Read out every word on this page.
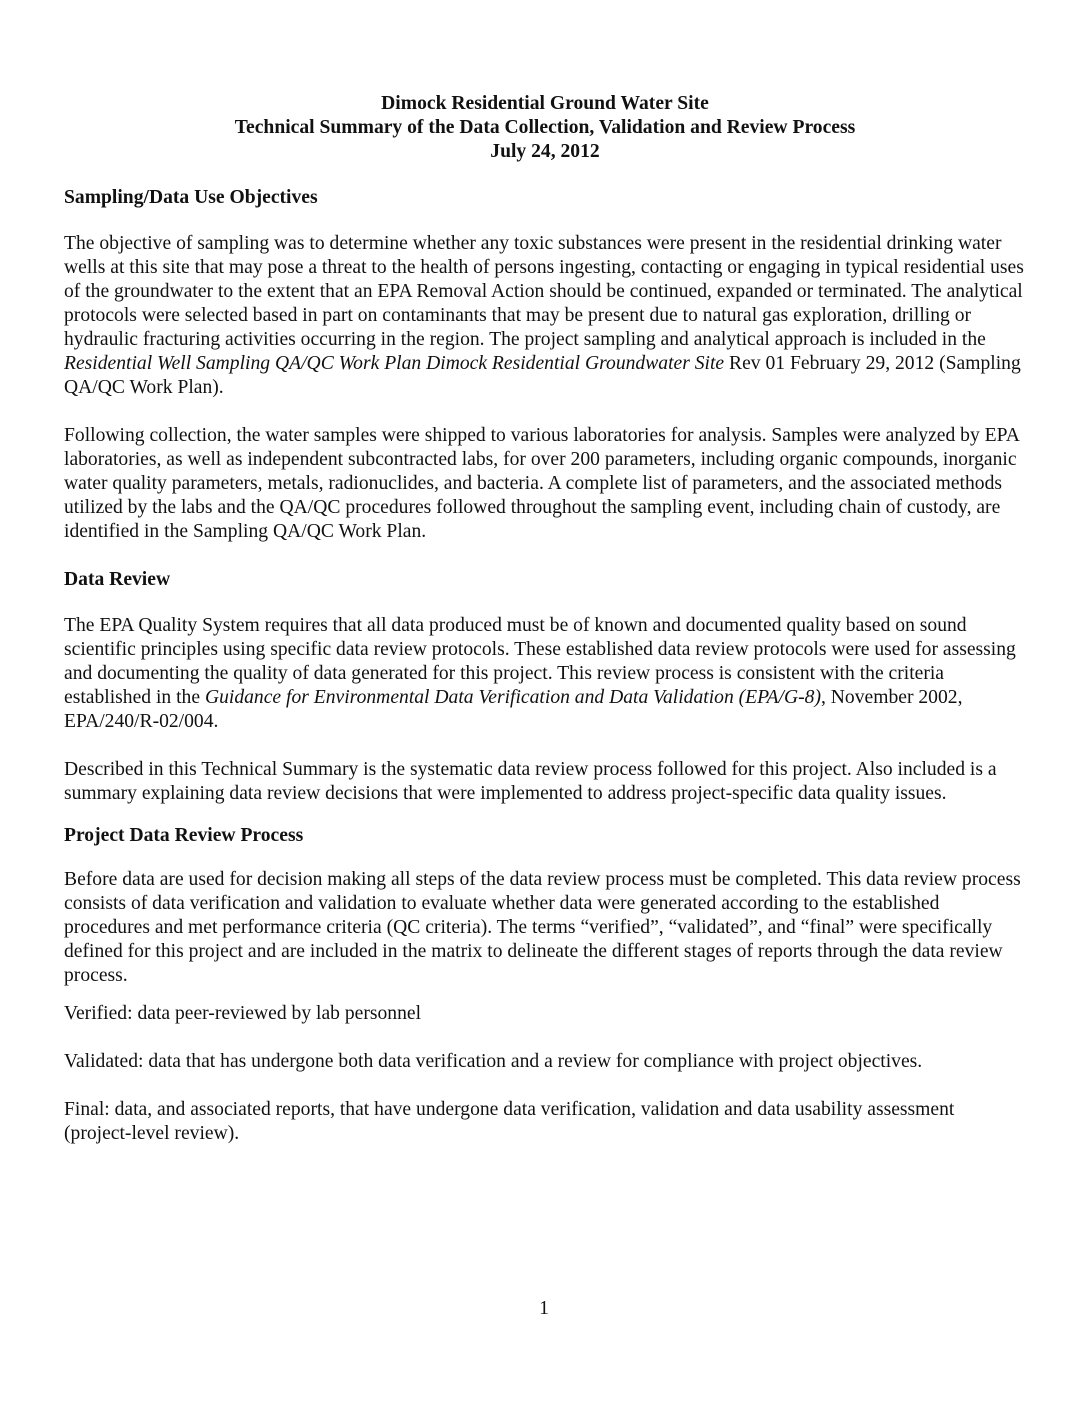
Dimock Residential Ground Water Site
Technical Summary of the Data Collection, Validation and Review Process
July 24, 2012
Sampling/Data Use Objectives

The objective of sampling was to determine whether any toxic substances were present in the residential drinking water wells at this site that may pose a threat to the health of persons ingesting, contacting or engaging in typical residential uses of the groundwater to the extent that an EPA Removal Action should be continued, expanded or terminated. The analytical protocols were selected based in part on contaminants that may be present due to natural gas exploration, drilling or hydraulic fracturing activities occurring in the region. The project sampling and analytical approach is included in the Residential Well Sampling QA/QC Work Plan Dimock Residential Groundwater Site Rev 01 February 29, 2012 (Sampling QA/QC Work Plan).

Following collection, the water samples were shipped to various laboratories for analysis. Samples were analyzed by EPA laboratories, as well as independent subcontracted labs, for over 200 parameters, including organic compounds, inorganic water quality parameters, metals, radionuclides, and bacteria. A complete list of parameters, and the associated methods utilized by the labs and the QA/QC procedures followed throughout the sampling event, including chain of custody, are identified in the Sampling QA/QC Work Plan.

Data Review

The EPA Quality System requires that all data produced must be of known and documented quality based on sound scientific principles using specific data review protocols. These established data review protocols were used for assessing and documenting the quality of data generated for this project. This review process is consistent with the criteria established in the Guidance for Environmental Data Verification and Data Validation (EPA/G-8), November 2002, EPA/240/R-02/004.

Described in this Technical Summary is the systematic data review process followed for this project. Also included is a summary explaining data review decisions that were implemented to address project-specific data quality issues.

Project Data Review Process

Before data are used for decision making all steps of the data review process must be completed. This data review process consists of data verification and validation to evaluate whether data were generated according to the established procedures and met performance criteria (QC criteria). The terms “verified”, “validated”, and “final” were specifically defined for this project and are included in the matrix to delineate the different stages of reports through the data review process.

Verified: data peer-reviewed by lab personnel

Validated: data that has undergone both data verification and a review for compliance with project objectives.

Final: data, and associated reports, that have undergone data verification, validation and data usability assessment (project-level review).

1
